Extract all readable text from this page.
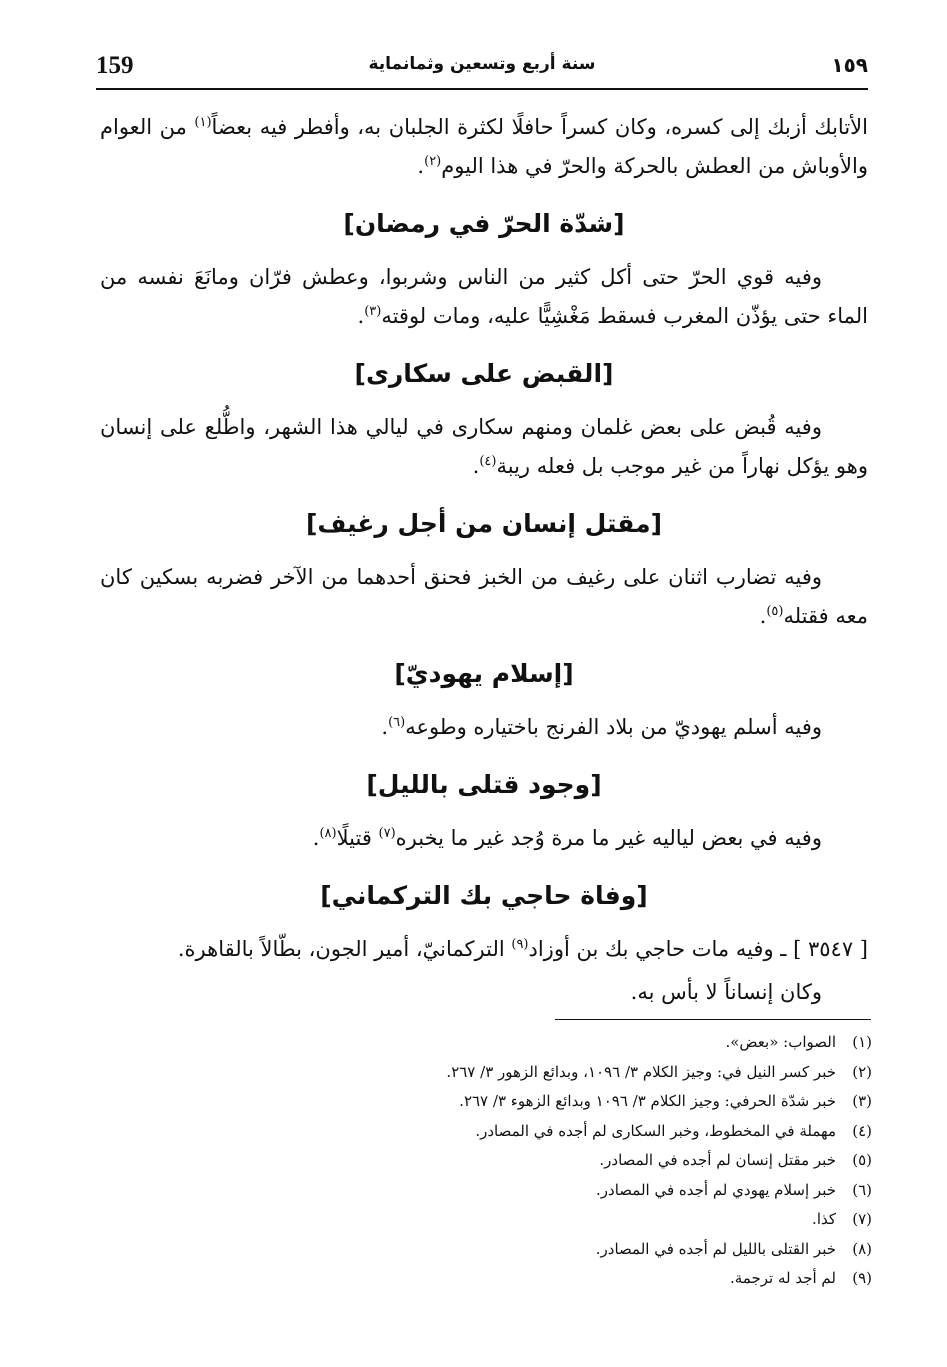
159	سنة أربع وتسعين وثمانماية	١٥٩

الأتابك أزبك إلى كسره، وكان كسراً حافلًا لكثرة الجلبان به، وأفطر فيه بعضاً$^{(١)}$ من العوام والأوباش من العطش بالحركة والحرّ في هذا اليوم$^{(٢)}$.

[شدّة الحرّ في رمضان]

وفيه قوي الحرّ حتى أكل كثير من الناس وشربوا، وعطش فرّان ومانَعَ نفسه من الماء حتى يؤذّن المغرب فسقط مَغْشِيًّا عليه، ومات لوقته$^{(٣)}$.

[القبض على سكارى]

وفيه قُبض على بعض غلمان ومنهم سكارى في ليالي هذا الشهر، واطُّلع على إنسان وهو يؤكل نهاراً من غير موجب بل فعله ريبة$^{(٤)}$.

[مقتل إنسان من أجل رغيف]

وفيه تضارب اثنان على رغيف من الخبز فحنق أحدهما من الآخر فضربه بسكين كان معه فقتله$^{(٥)}$.

[إسلام يهوديّ]

وفيه أسلم يهوديّ من بلاد الفرنج باختياره وطوعه$^{(٦)}$.

[وجود قتلى بالليل]

وفيه في بعض لياليه غير ما مرة وُجد غير ما يخبره$^{(٧)}$ قتيلًا$^{(٨)}$.

[وفاة حاجي بك التركماني]

[ ٣٥٤٧ ] ـ وفيه مات حاجي بك بن أوزاد$^{(٩)}$ التركمانيّ، أمير الجون، بطّالاً بالقاهرة.

وكان إنساناً لا بأس به.

(١)الصواب: «بعض».
(٢)خبر كسر النيل في: وجيز الكلام ٣/ ١٠٩٦، وبدائع الزهور ٣/ ٢٦٧.
(٣)خبر شدّة الحرفي: وجيز الكلام ٣/ ١٠٩٦ وبدائع الزهوء ٣/ ٢٦٧.
(٤)مهملة في المخطوط، وخبر السكارى لم أجده في المصادر.
(٥)خبر مقتل إنسان لم أجده في المصادر.
(٦)خبر إسلام يهودي لم أجده في المصادر.
(٧)كذا.
(٨)خبر القتلى بالليل لم أجده في المصادر.
(٩)لم أجد له ترجمة.
